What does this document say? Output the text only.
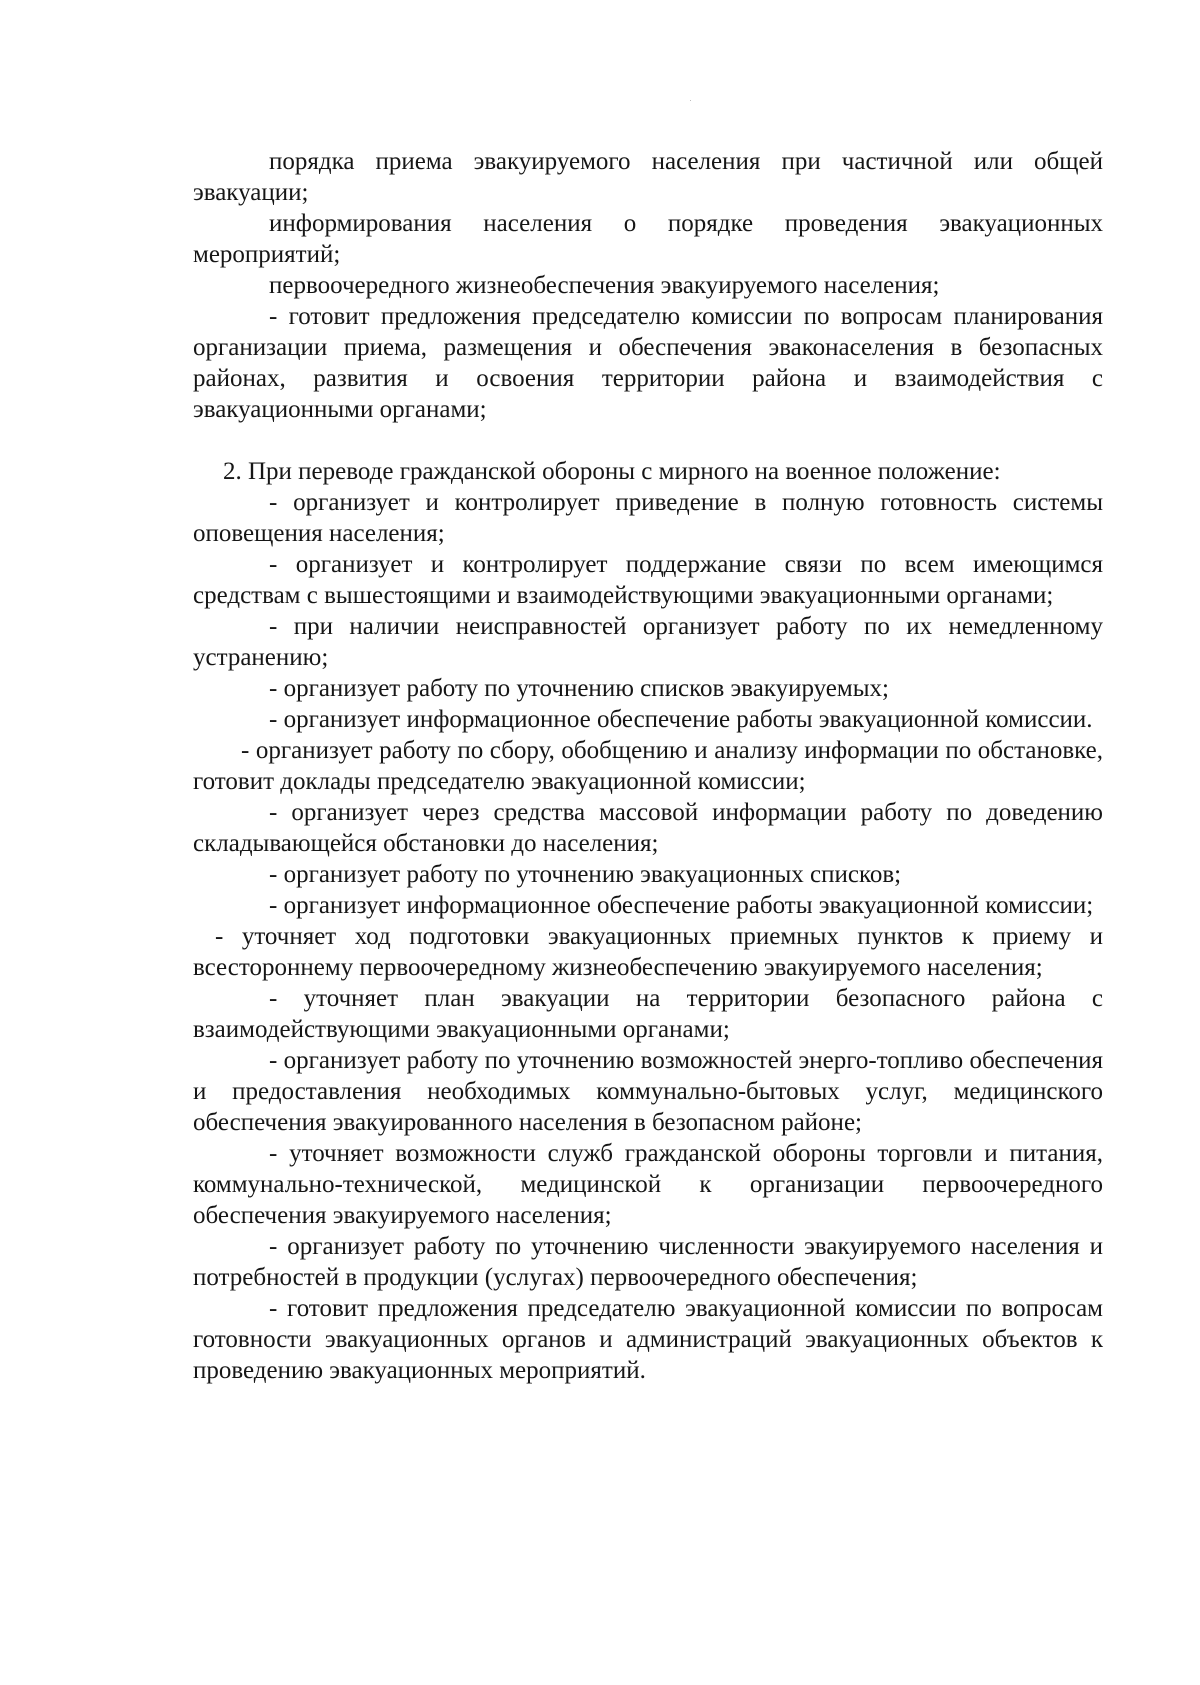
порядка приема эвакуируемого населения при частичной или общей эвакуации;

информирования населения о порядке проведения эвакуационных мероприятий;

первоочередного жизнеобеспечения эвакуируемого населения;

- готовит предложения председателю комиссии по вопросам планирования организации приема, размещения и обеспечения эваконаселения в безопасных районах, развития и освоения территории района и взаимодействия с эвакуационными органами;

2. При переводе гражданской обороны с мирного на военное положение:

- организует и контролирует приведение в полную готовность системы оповещения населения;

- организует и контролирует поддержание связи по всем имеющимся средствам с вышестоящими и взаимодействующими эвакуационными органами;

- при наличии неисправностей организует работу по их немедленному устранению;

- организует работу по уточнению списков эвакуируемых;

- организует информационное обеспечение работы эвакуационной комиссии.

- организует работу по сбору, обобщению и анализу информации по обстановке, готовит доклады председателю эвакуационной комиссии;

- организует через средства массовой информации работу по доведению складывающейся обстановки до населения;

- организует работу по уточнению эвакуационных списков;

- организует информационное обеспечение работы эвакуационной комиссии;

- уточняет ход подготовки эвакуационных приемных пунктов к приему и всестороннему первоочередному жизнеобеспечению эвакуируемого населения;

- уточняет план эвакуации на территории безопасного района с взаимодействующими эвакуационными органами;

- организует работу по уточнению возможностей энерго-топливо обеспечения и предоставления необходимых коммунально-бытовых услуг, медицинского обеспечения эвакуированного населения в безопасном районе;

- уточняет возможности служб гражданской обороны торговли и питания, коммунально-технической, медицинской к организации первоочередного обеспечения эвакуируемого населения;

- организует работу по уточнению численности эвакуируемого населения и потребностей в продукции (услугах) первоочередного обеспечения;

- готовит предложения председателю эвакуационной комиссии по вопросам готовности эвакуационных органов и администраций эвакуационных объектов к проведению эвакуационных мероприятий.
